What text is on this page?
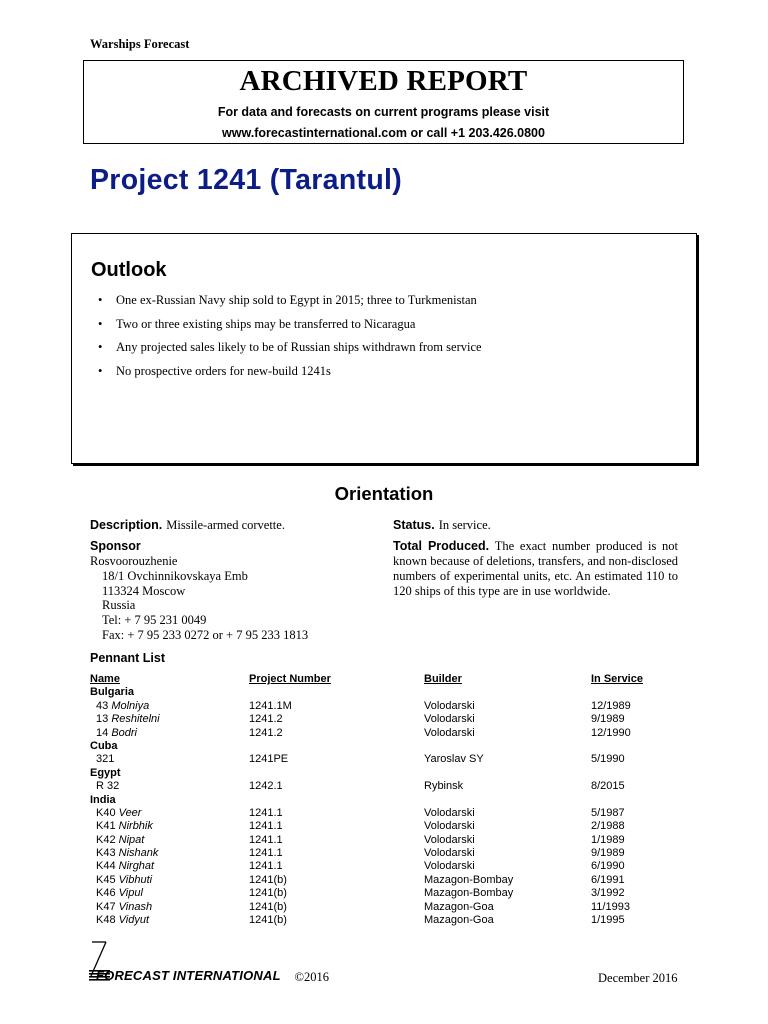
Warships Forecast
ARCHIVED REPORT
For data and forecasts on current programs please visit
www.forecastinternational.com or call +1 203.426.0800
Project 1241 (Tarantul)
Outlook
• One ex-Russian Navy ship sold to Egypt in 2015; three to Turkmenistan
• Two or three existing ships may be transferred to Nicaragua
• Any projected sales likely to be of Russian ships withdrawn from service
• No prospective orders for new-build 1241s
Orientation
Description. Missile-armed corvette.	Status. In service.
Sponsor
Rosvoorouzhenie
18/1 Ovchinnikovskaya Emb
113324 Moscow
Russia
Tel: + 7 95 231 0049
Fax: + 7 95 233 0272 or + 7 95 233 1813
Total Produced. The exact number produced is not known because of deletions, transfers, and non-disclosed numbers of experimental units, etc. An estimated 110 to 120 ships of this type are in use worldwide.
Pennant List
Name	Project Number	Builder	In Service
Bulgaria
43 Molniya	1241.1M	Volodarski	12/1989
13 Reshitelni	1241.2	Volodarski	9/1989
14 Bodri	1241.2	Volodarski	12/1990
Cuba
321	1241PE	Yaroslav SY	5/1990
Egypt
R 32	1242.1	Rybinsk	8/2015
India
K40 Veer	1241.1	Volodarski	5/1987
K41 Nirbhik	1241.1	Volodarski	2/1988
K42 Nipat	1241.1	Volodarski	1/1989
K43 Nishank	1241.1	Volodarski	9/1989
K44 Nirghat	1241.1	Volodarski	6/1990
K45 Vibhuti	1241(b)	Mazagon-Bombay	6/1991
K46 Vipul	1241(b)	Mazagon-Bombay	3/1992
K47 Vinash	1241(b)	Mazagon-Goa	11/1993
K48 Vidyut	1241(b)	Mazagon-Goa	1/1995
FORECAST INTERNATIONAL ©2016	December 2016
